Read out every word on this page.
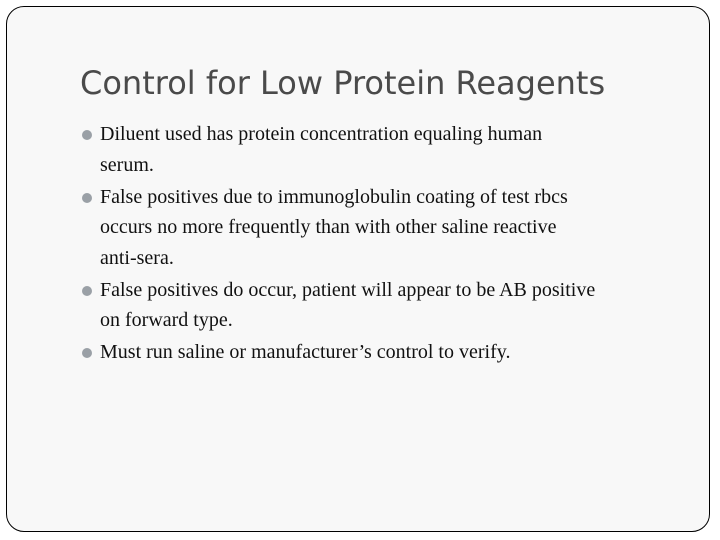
Control for Low Protein Reagents
Diluent used has protein concentration equaling human
serum.
False positives due to immunoglobulin coating of test rbcs
occurs no more frequently than with other saline reactive
anti-sera.
False positives do occur, patient will appear to be AB positive
on forward type.
Must run saline or manufacturer’s control to verify.
